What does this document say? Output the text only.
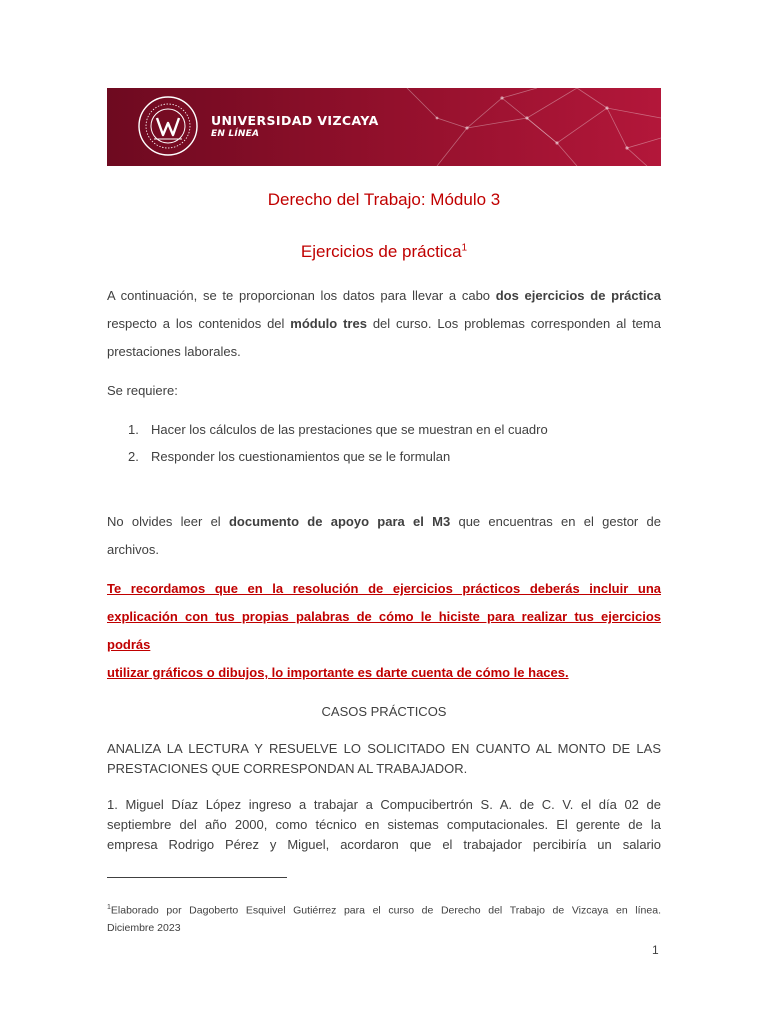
UNIVERSIDAD VIZCAYA
EN LÍNEA
Derecho del Trabajo: Módulo 3
Ejercicios de práctica$^1$
A continuación, se te proporcionan los datos para llevar a cabo dos ejercicios de práctica
respecto a los contenidos del módulo tres del curso. Los problemas corresponden al tema
prestaciones laborales.
Se requiere:
1. Hacer los cálculos de las prestaciones que se muestran en el cuadro
2. Responder los cuestionamientos que se le formulan
No olvides leer el documento de apoyo para el M3 que encuentras en el gestor de
archivos.
Te recordamos que en la resolución de ejercicios prácticos deberás incluir una
explicación con tus propias palabras de cómo le hiciste para realizar tus ejercicios podrás
utilizar gráficos o dibujos, lo importante es darte cuenta de cómo le haces.
CASOS PRÁCTICOS
ANALIZA LA LECTURA Y RESUELVE LO SOLICITADO EN CUANTO AL MONTO DE LAS
PRESTACIONES QUE CORRESPONDAN AL TRABAJADOR.
1. Miguel Díaz López ingreso a trabajar a Compucibertrón S. A. de C. V. el día 02 de
septiembre del año 2000, como técnico en sistemas computacionales. El gerente de la
empresa Rodrigo Pérez y Miguel, acordaron que el trabajador percibiría un salario
$^1$Elaborado por Dagoberto Esquivel Gutiérrez para el curso de Derecho del Trabajo de Vizcaya en línea.
Diciembre 2023
1
